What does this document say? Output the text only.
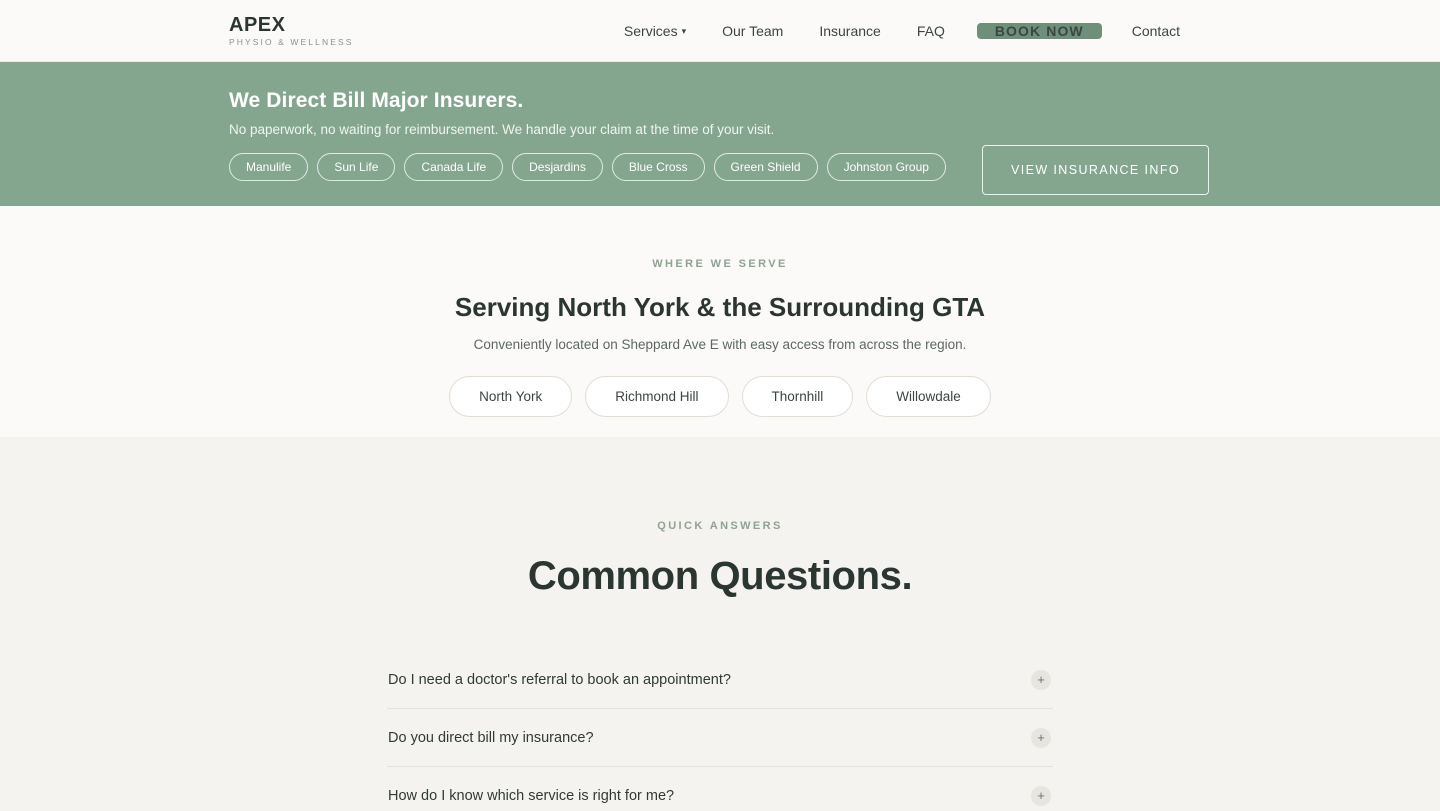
APEX
PHYSIO & WELLNESS
Services ▾	Our Team	Insurance	FAQ	BOOK NOW	Contact
We Direct Bill Major Insurers.

No paperwork, no waiting for reimbursement. We handle your claim at the time of your visit.

Manulife	Sun Life	Canada Life	Desjardins	Blue Cross	Green Shield	Johnston Group	VIEW INSURANCE INFO
WHERE WE SERVE
Serving North York & the Surrounding GTA

Conveniently located on Sheppard Ave E with easy access from across the region.

North York	Richmond Hill	Thornhill	Willowdale
QUICK ANSWERS
Common Questions.
Do I need a doctor's referral to book an appointment?	+
Do you direct bill my insurance?	+
How do I know which service is right for me?	+
